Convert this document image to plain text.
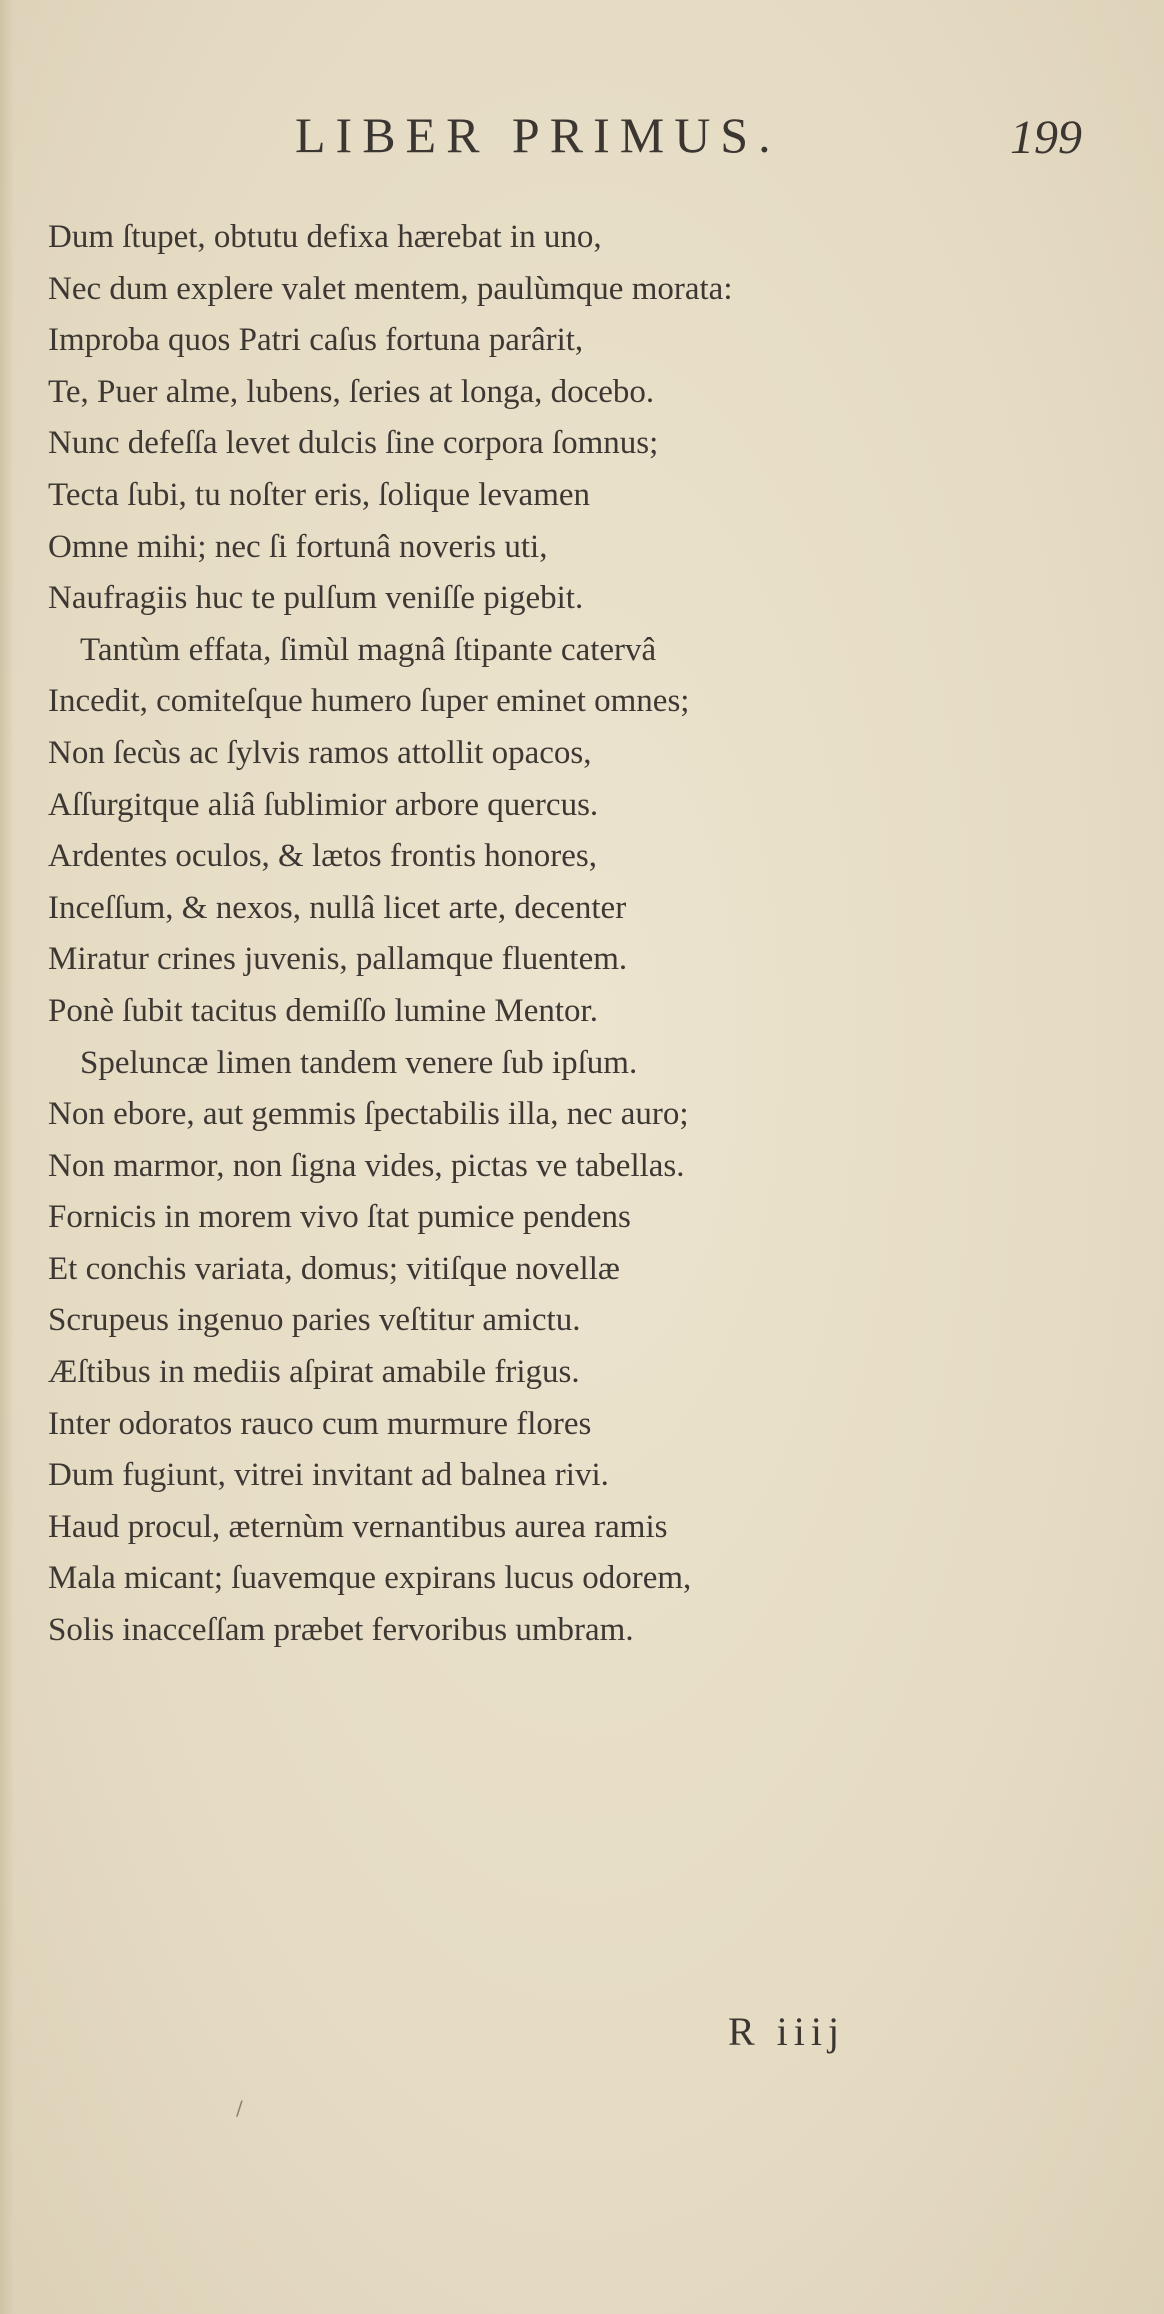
LIBER PRIMUS.	199
Dum ſtupet, obtutu defixa hærebat in uno,
Nec dum explere valet mentem, paulùmque morata:
Improba quos Patri caſus fortuna parârit,
Te, Puer alme, lubens, ſeries at longa, docebo.
Nunc defeſſa levet dulcis ſine corpora ſomnus;
Tecta ſubi, tu noſter eris, ſolique levamen
Omne mihi; nec ſi fortunâ noveris uti,
Naufragiis huc te pulſum veniſſe pigebit.
Tantùm effata, ſimùl magnâ ſtipante catervâ
Incedit, comiteſque humero ſuper eminet omnes;
Non ſecùs ac ſylvis ramos attollit opacos,
Aſſurgitque aliâ ſublimior arbore quercus.
Ardentes oculos, & lætos frontis honores,
Inceſſum, & nexos, nullâ licet arte, decenter
Miratur crines juvenis, pallamque fluentem.
Ponè ſubit tacitus demiſſo lumine Mentor.
Speluncæ limen tandem venere ſub ipſum.
Non ebore, aut gemmis ſpectabilis illa, nec auro;
Non marmor, non ſigna vides, pictas ve tabellas.
Fornicis in morem vivo ſtat pumice pendens
Et conchis variata, domus; vitiſque novellæ
Scrupeus ingenuo paries veſtitur amictu.
Æſtibus in mediis aſpirat amabile frigus.
Inter odoratos rauco cum murmure flores
Dum fugiunt, vitrei invitant ad balnea rivi.
Haud procul, æternùm vernantibus aurea ramis
Mala micant; ſuavemque expirans lucus odorem,
Solis inacceſſam præbet fervoribus umbram.
R iiij
/
